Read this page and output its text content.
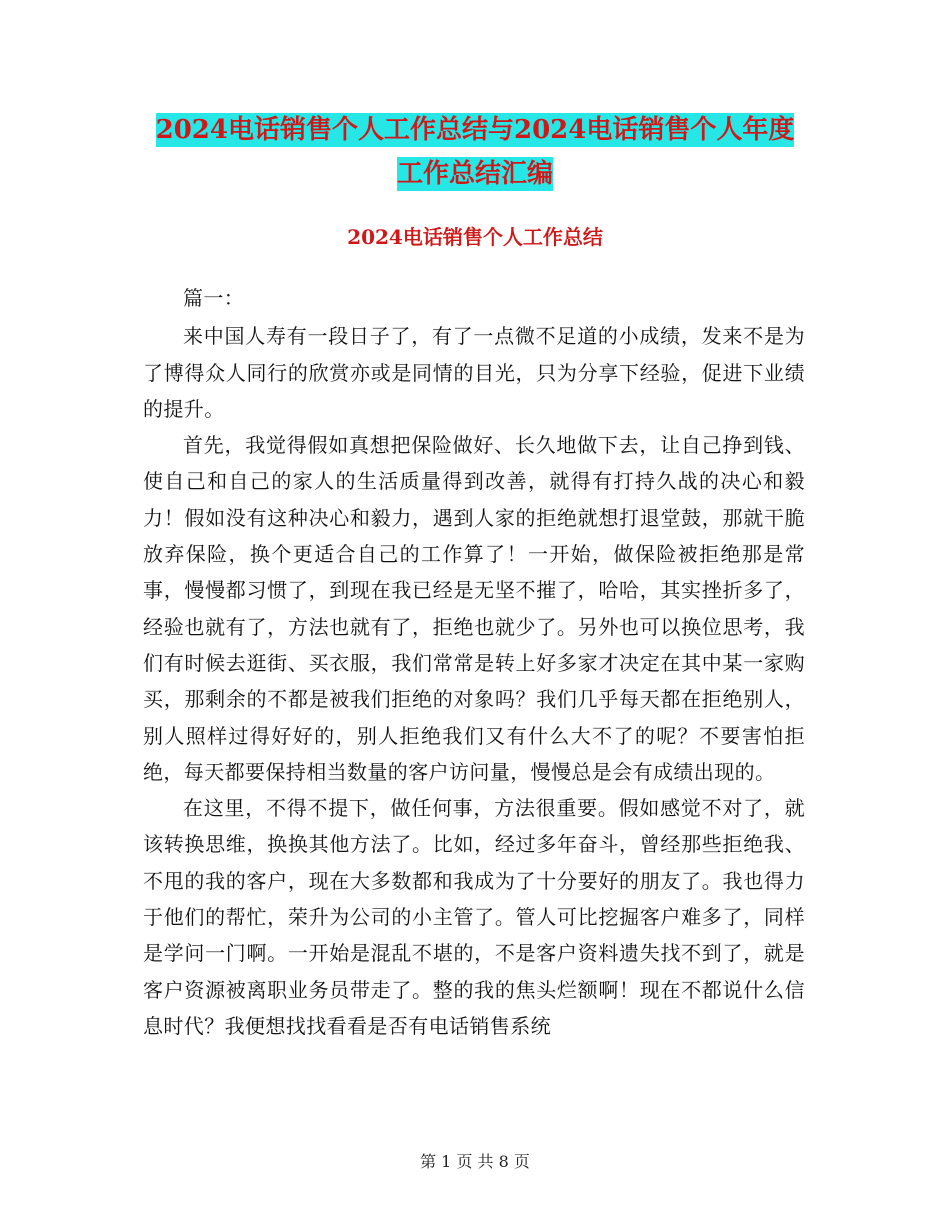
2024电话销售个人工作总结与2024电话销售个人年度
工作总结汇编
2024电话销售个人工作总结

篇一：

来中国人寿有一段日子了，有了一点微不足道的小成绩，发来不是为了博得众人同行的欣赏亦或是同情的目光，只为分享下经验，促进下业绩的提升。

首先，我觉得假如真想把保险做好、长久地做下去，让自己挣到钱、使自己和自己的家人的生活质量得到改善，就得有打持久战的决心和毅力！假如没有这种决心和毅力，遇到人家的拒绝就想打退堂鼓，那就干脆放弃保险，换个更适合自己的工作算了！一开始，做保险被拒绝那是常事，慢慢都习惯了，到现在我已经是无坚不摧了，哈哈，其实挫折多了，经验也就有了，方法也就有了，拒绝也就少了。另外也可以换位思考，我们有时候去逛街、买衣服，我们常常是转上好多家才决定在其中某一家购买，那剩余的不都是被我们拒绝的对象吗？我们几乎每天都在拒绝别人，别人照样过得好好的，别人拒绝我们又有什么大不了的呢？不要害怕拒绝，每天都要保持相当数量的客户访问量，慢慢总是会有成绩出现的。

在这里，不得不提下，做任何事，方法很重要。假如感觉不对了，就该转换思维，换换其他方法了。比如，经过多年奋斗，曾经那些拒绝我、不甩的我的客户，现在大多数都和我成为了十分要好的朋友了。我也得力于他们的帮忙，荣升为公司的小主管了。管人可比挖掘客户难多了，同样是学问一门啊。一开始是混乱不堪的，不是客户资料遗失找不到了，就是客户资源被离职业务员带走了。整的我的焦头烂额啊！现在不都说什么信息时代？我便想找找看看是否有电话销售系统

第 1 页 共 8 页
